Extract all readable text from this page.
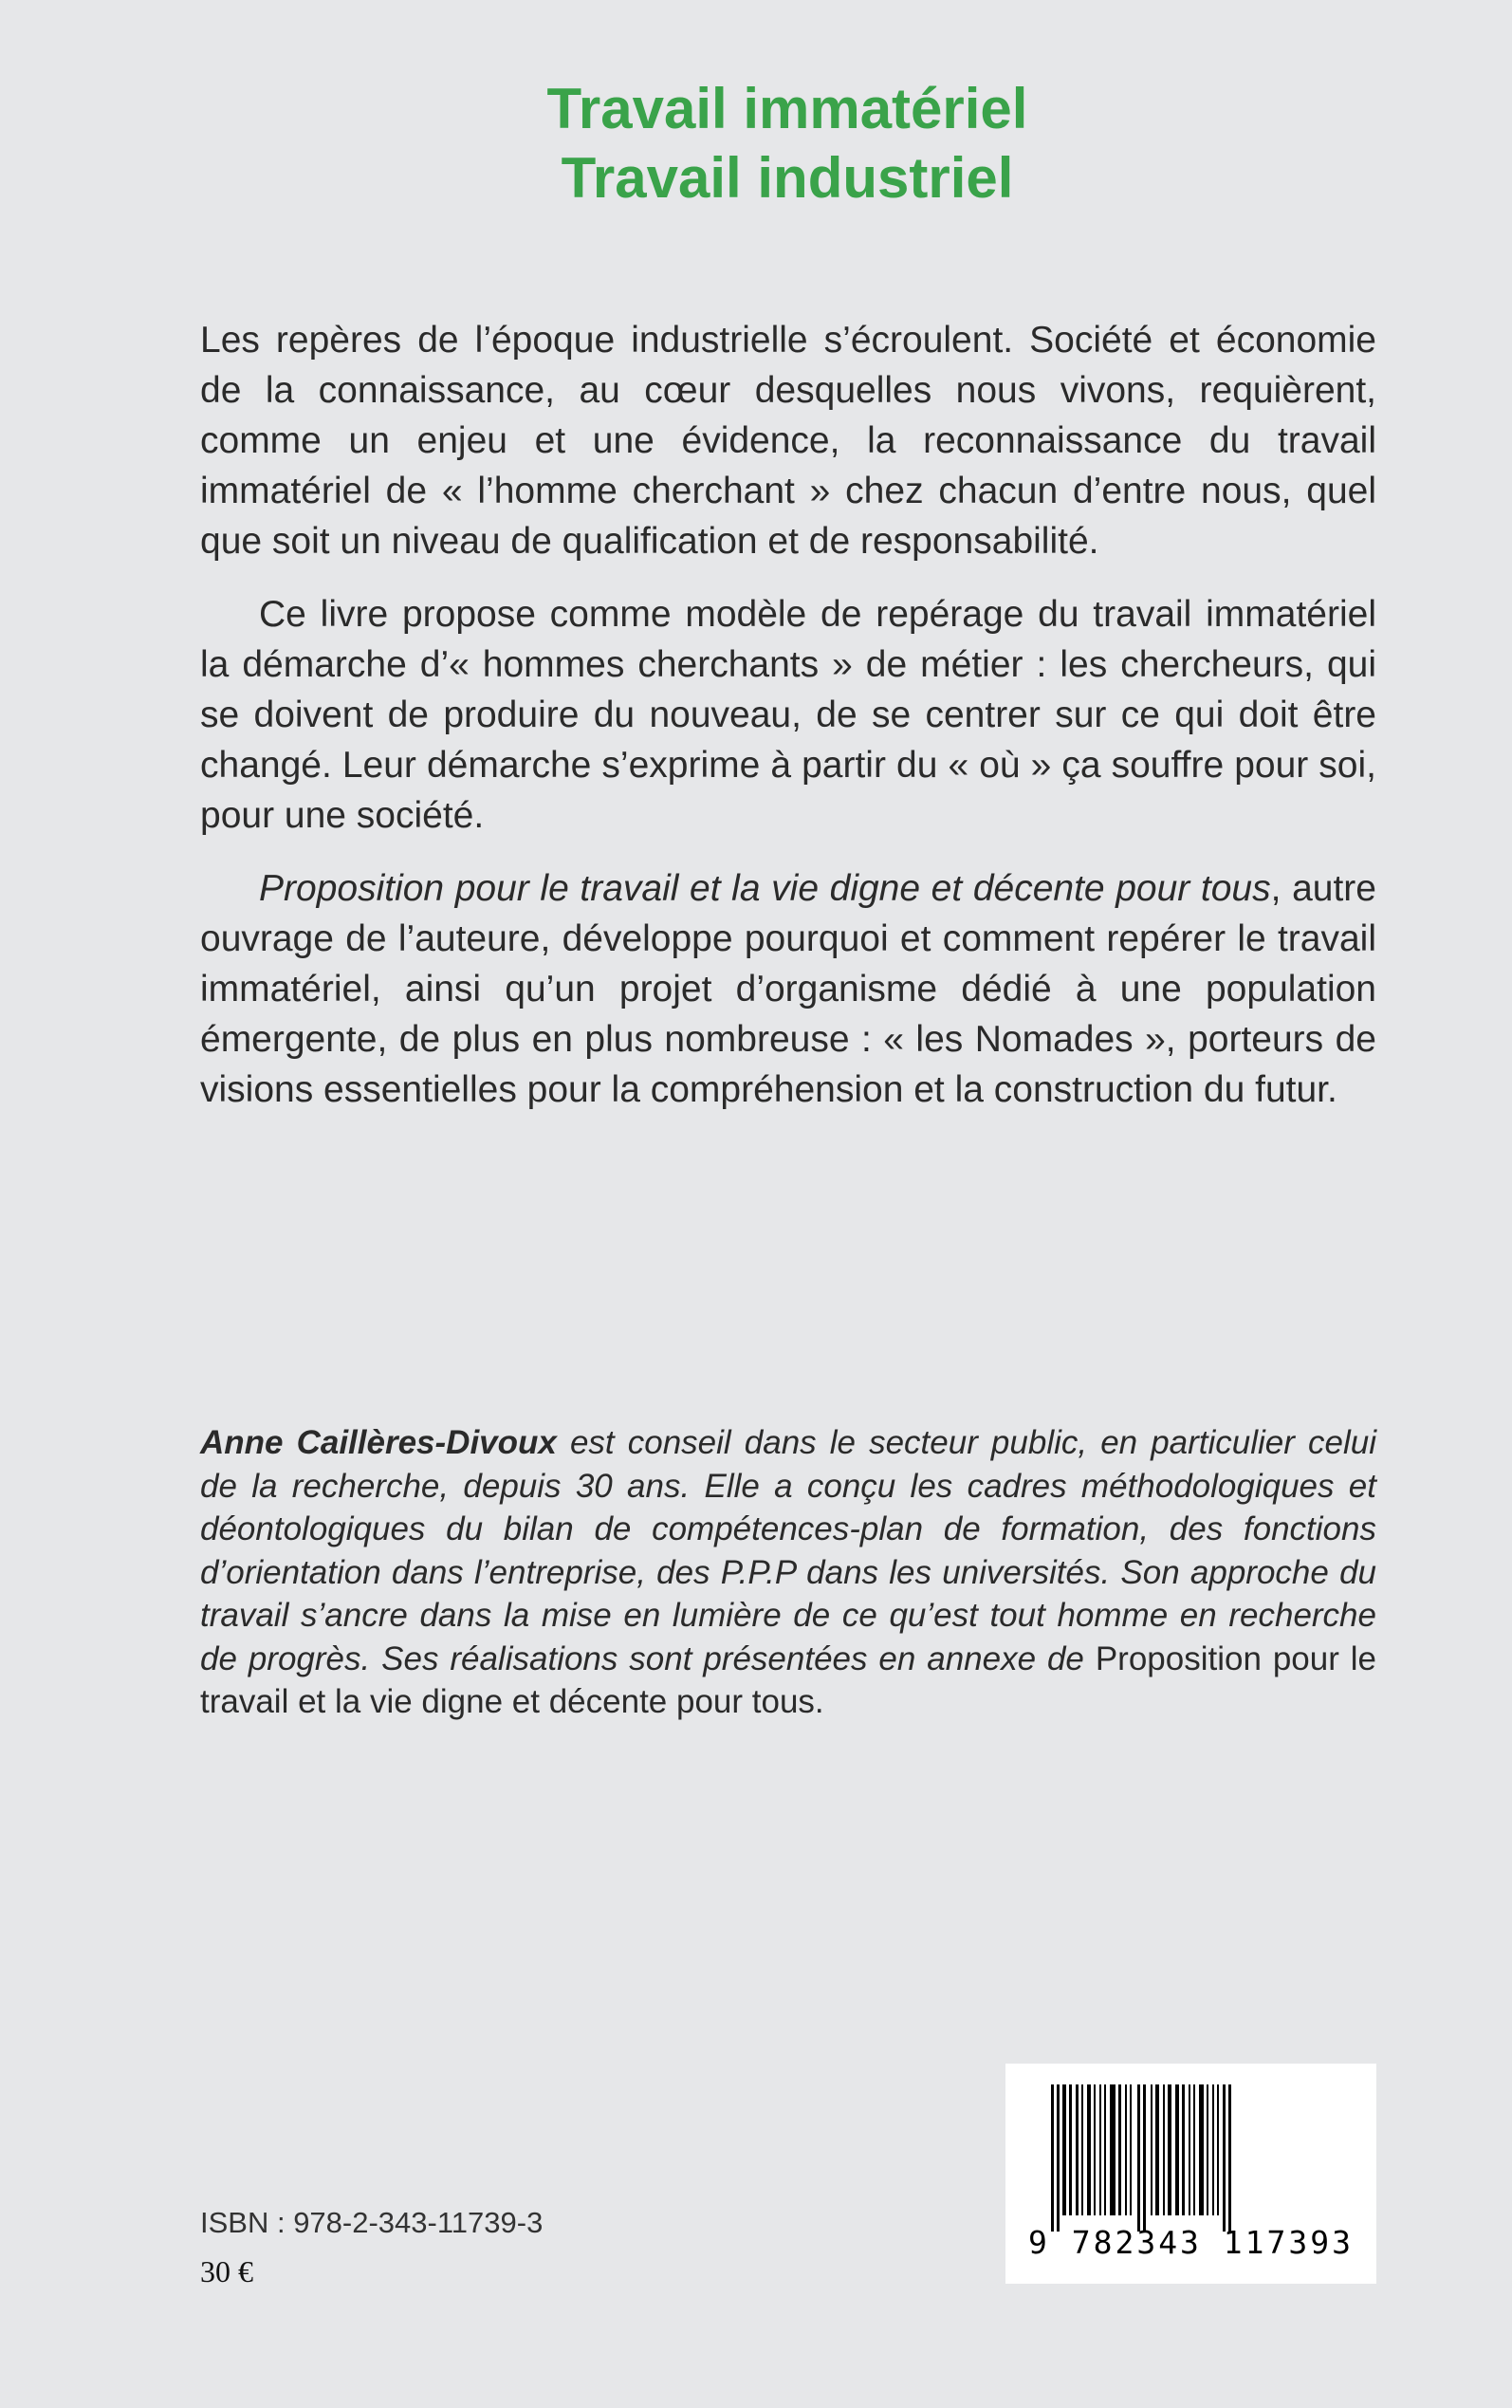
Travail immatériel
Travail industriel

Les repères de l’époque industrielle s’écroulent. Société et économie de la connaissance, au cœur desquelles nous vivons, requièrent, comme un enjeu et une évidence, la reconnaissance du travail immatériel de « l’homme cherchant » chez chacun d’entre nous, quel que soit un niveau de qualification et de responsabilité.

Ce livre propose comme modèle de repérage du travail immatériel la démarche d’« hommes cherchants » de métier : les chercheurs, qui se doivent de produire du nouveau, de se centrer sur ce qui doit être changé. Leur démarche s’exprime à partir du « où » ça souffre pour soi, pour une société.

Proposition pour le travail et la vie digne et décente pour tous, autre ouvrage de l’auteure, développe pourquoi et comment repérer le travail immatériel, ainsi qu’un projet d’organisme dédié à une population émergente, de plus en plus nombreuse : « les Nomades », porteurs de visions essentielles pour la compréhension et la construction du futur.

Anne Caillères-Divoux est conseil dans le secteur public, en particulier celui de la recherche, depuis 30 ans. Elle a conçu les cadres méthodologiques et déontologiques du bilan de compétences-plan de formation, des fonctions d’orientation dans l’entreprise, des P.P.P dans les universités. Son approche du travail s’ancre dans la mise en lumière de ce qu’est tout homme en recherche de progrès. Ses réalisations sont présentées en annexe de Proposition pour le travail et la vie digne et décente pour tous.

ISBN : 978-2-343-11739-3
30 €
9 782343 117393
